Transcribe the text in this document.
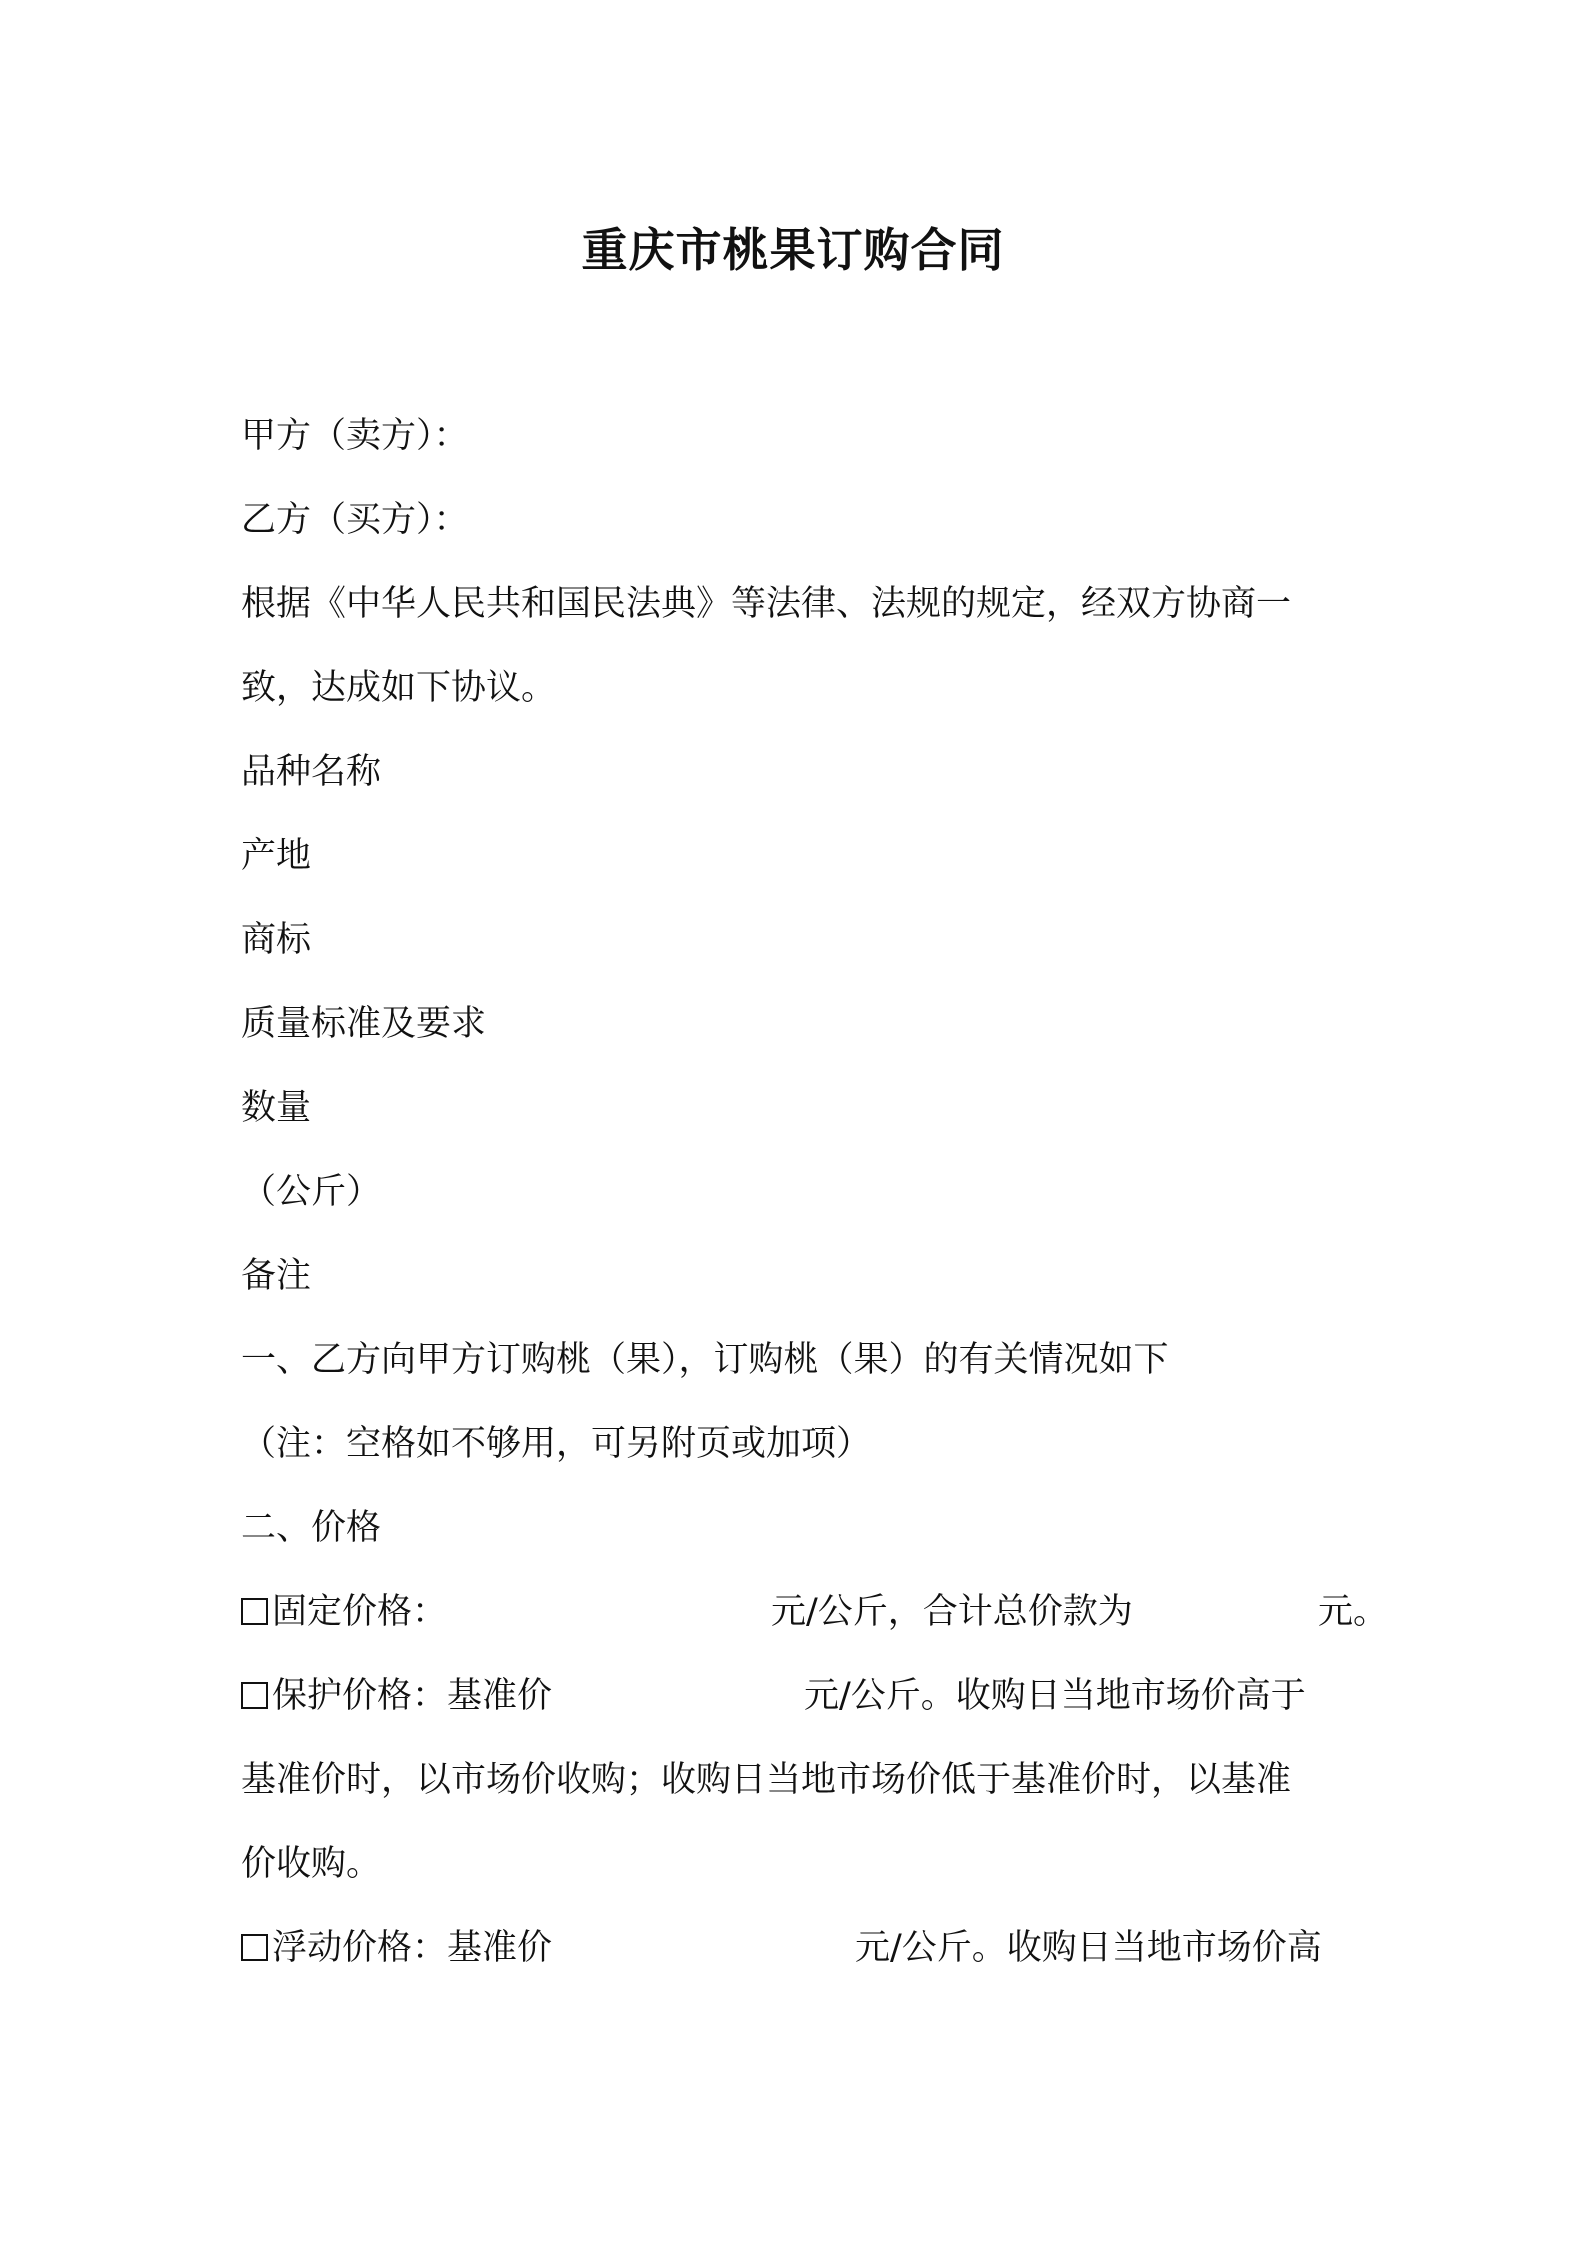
重庆市桃果订购合同
甲方（卖方）：
乙方（买方）：
根据《中华人民共和国民法典》等法律、法规的规定，经双方协商一
致，达成如下协议。
品种名称
产地
商标
质量标准及要求
数量
（公斤）
备注
一、乙方向甲方订购桃（果），订购桃（果）的有关情况如下
（注：空格如不够用，可另附页或加项）
二、价格
固定价格：	元/公斤，合计总价款为	元。
保护价格：基准价	元/公斤。收购日当地市场价高于
基准价时，以市场价收购；收购日当地市场价低于基准价时，以基准
价收购。
浮动价格：基准价	元/公斤。收购日当地市场价高
